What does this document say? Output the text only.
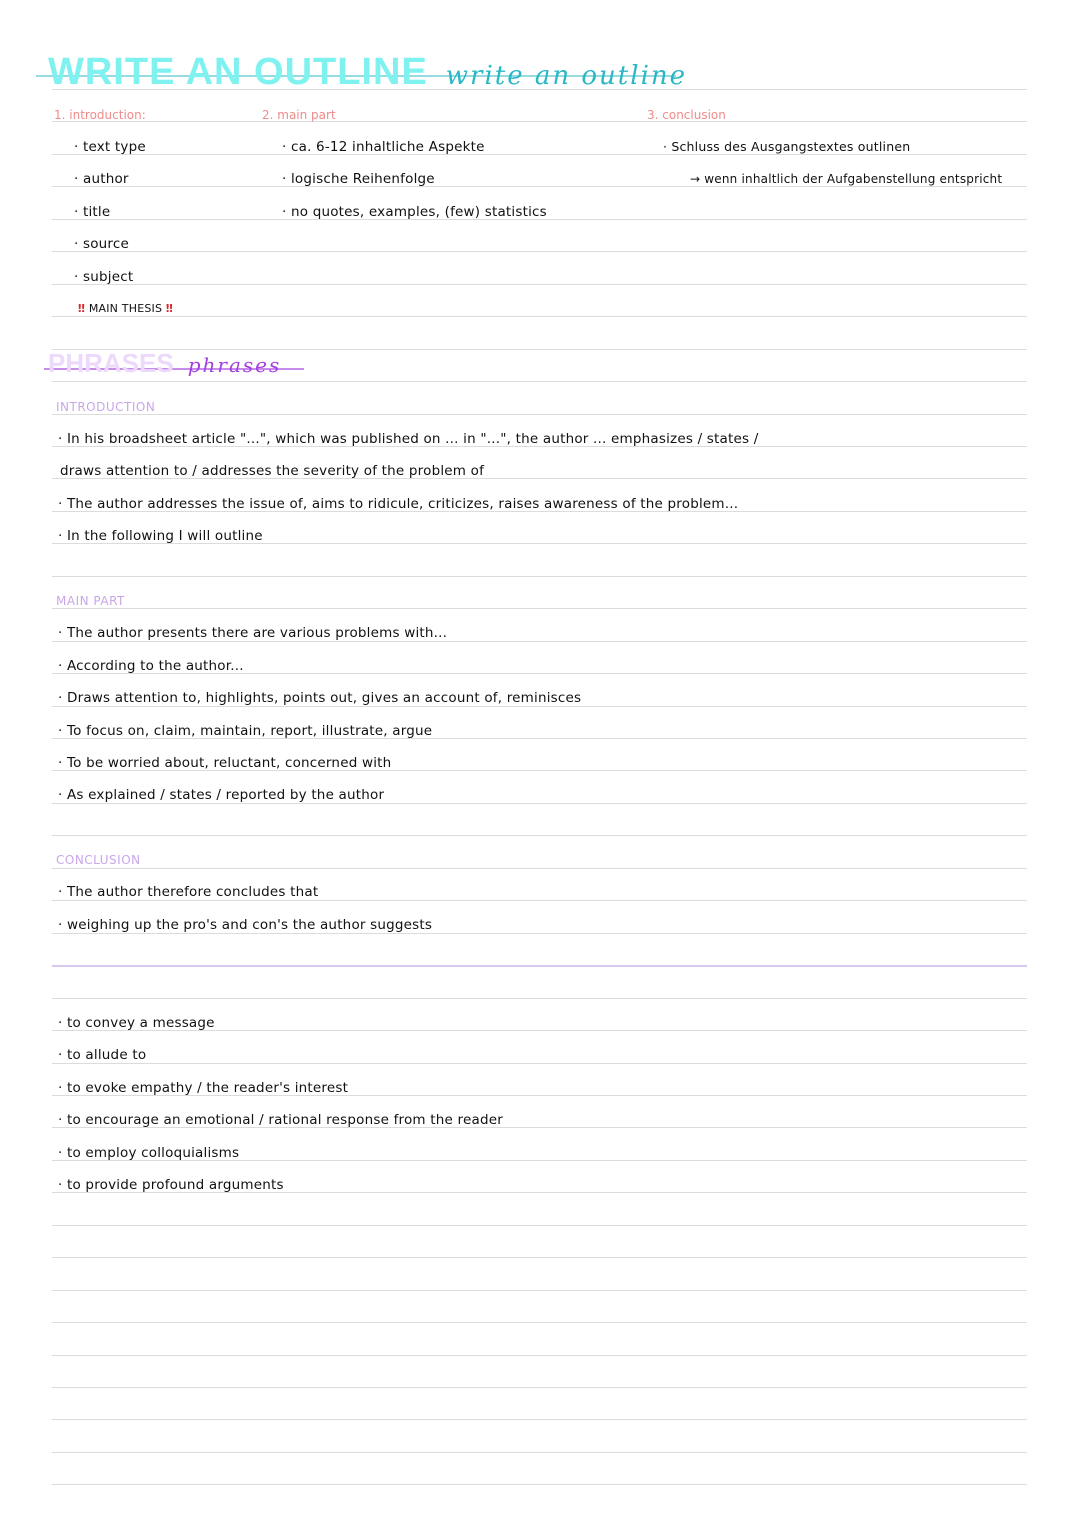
WRITE AN OUTLINE write an outline
1. introduction:
· text type
· author
· title
· source
· subject
‼ MAIN THESIS ‼
2. main part
· ca. 6-12 inhaltliche Aspekte
· logische Reihenfolge
· no quotes, examples, (few) statistics
3. conclusion
· Schluss des Ausgangstextes outlinen
→ wenn inhaltlich der Aufgabenstellung entspricht
PHRASES phrases
INTRODUCTION
· In his broadsheet article "...", which was published on ... in "...", the author ... emphasizes / states /
draws attention to / addresses the severity of the problem of
· The author addresses the issue of, aims to ridicule, criticizes, raises awareness of the problem...
· In the following I will outline
MAIN PART
· The author presents there are various problems with...
· According to the author...
· Draws attention to, highlights, points out, gives an account of, reminisces
· To focus on, claim, maintain, report, illustrate, argue
· To be worried about, reluctant, concerned with
· As explained / states / reported by the author
CONCLUSION
· The author therefore concludes that
· weighing up the pro's and con's the author suggests
· to convey a message
· to allude to
· to evoke empathy / the reader's interest
· to encourage an emotional / rational response from the reader
· to employ colloquialisms
· to provide profound arguments
